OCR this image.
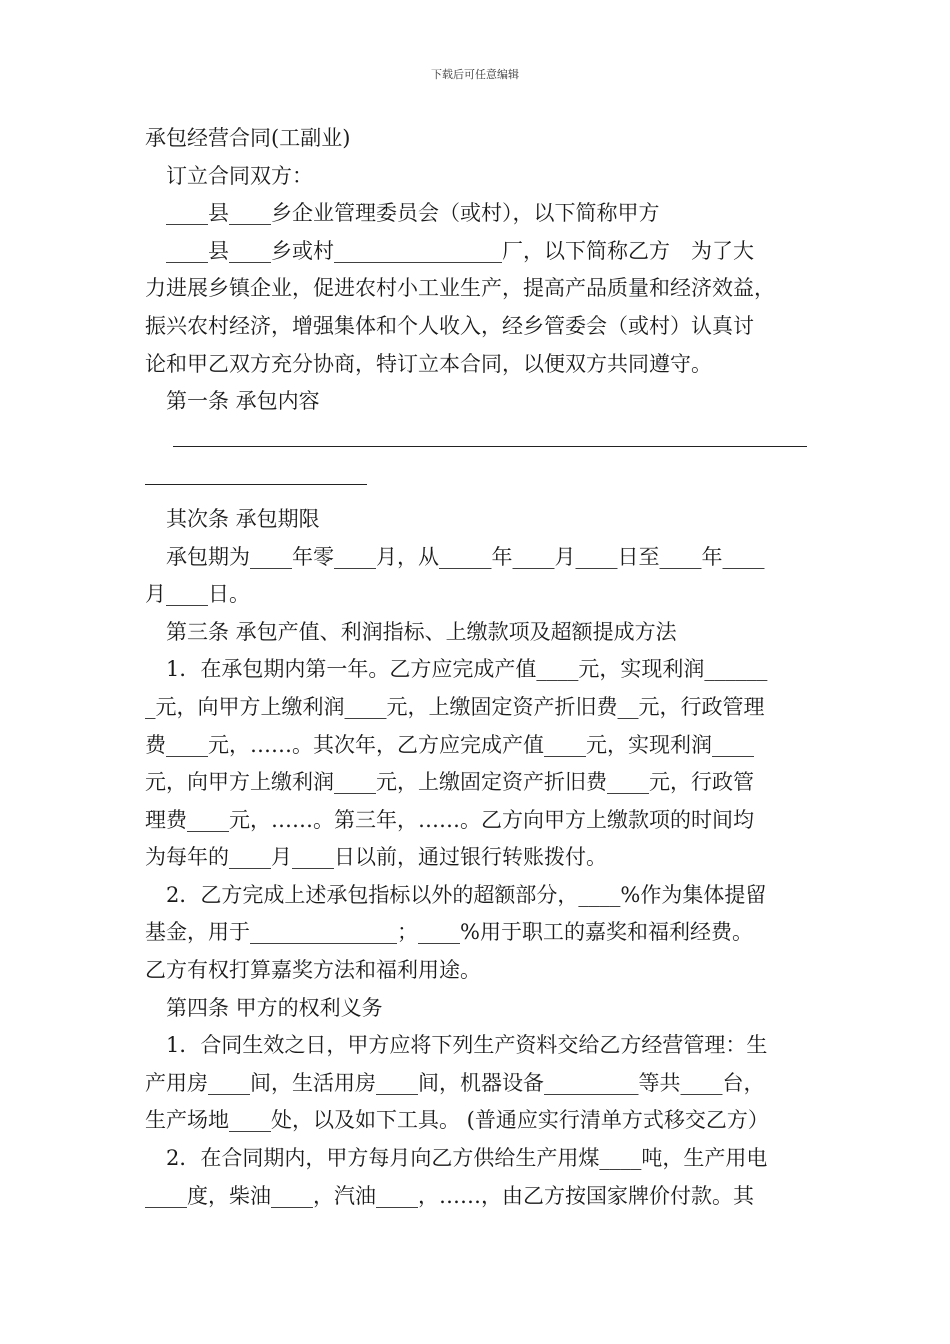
下载后可任意编辑
承包经营合同(工副业)
订立合同双方：
____县____乡企业管理委员会（或村），以下简称甲方
____县____乡或村________________厂，以下简称乙方　为了大
力进展乡镇企业，促进农村小工业生产，提高产品质量和经济效益，
振兴农村经济，增强集体和个人收入，经乡管委会（或村）认真讨
论和甲乙双方充分协商，特订立本合同，以便双方共同遵守。
第一条 承包内容
其次条 承包期限
承包期为____年零____月，从_____年____月____日至____年____
月____日。
第三条 承包产值、利润指标、上缴款项及超额提成方法
1．在承包期内第一年。乙方应完成产值____元，实现利润______
_元，向甲方上缴利润____元，上缴固定资产折旧费__元，行政管理
费____元，……。其次年，乙方应完成产值____元，实现利润____
元，向甲方上缴利润____元，上缴固定资产折旧费____元，行政管
理费____元，……。第三年，……。乙方向甲方上缴款项的时间均
为每年的____月____日以前，通过银行转账拨付。
2．乙方完成上述承包指标以外的超额部分，____%作为集体提留
基金，用于______________；____%用于职工的嘉奖和福利经费。
乙方有权打算嘉奖方法和福利用途。
第四条 甲方的权利义务
1．合同生效之日，甲方应将下列生产资料交给乙方经营管理：生
产用房____间，生活用房____间，机器设备_________等共____台，
生产场地____处，以及如下工具。 (普通应实行清单方式移交乙方）
2．在合同期内，甲方每月向乙方供给生产用煤____吨，生产用电
____度，柴油____，汽油____，……，由乙方按国家牌价付款。其
